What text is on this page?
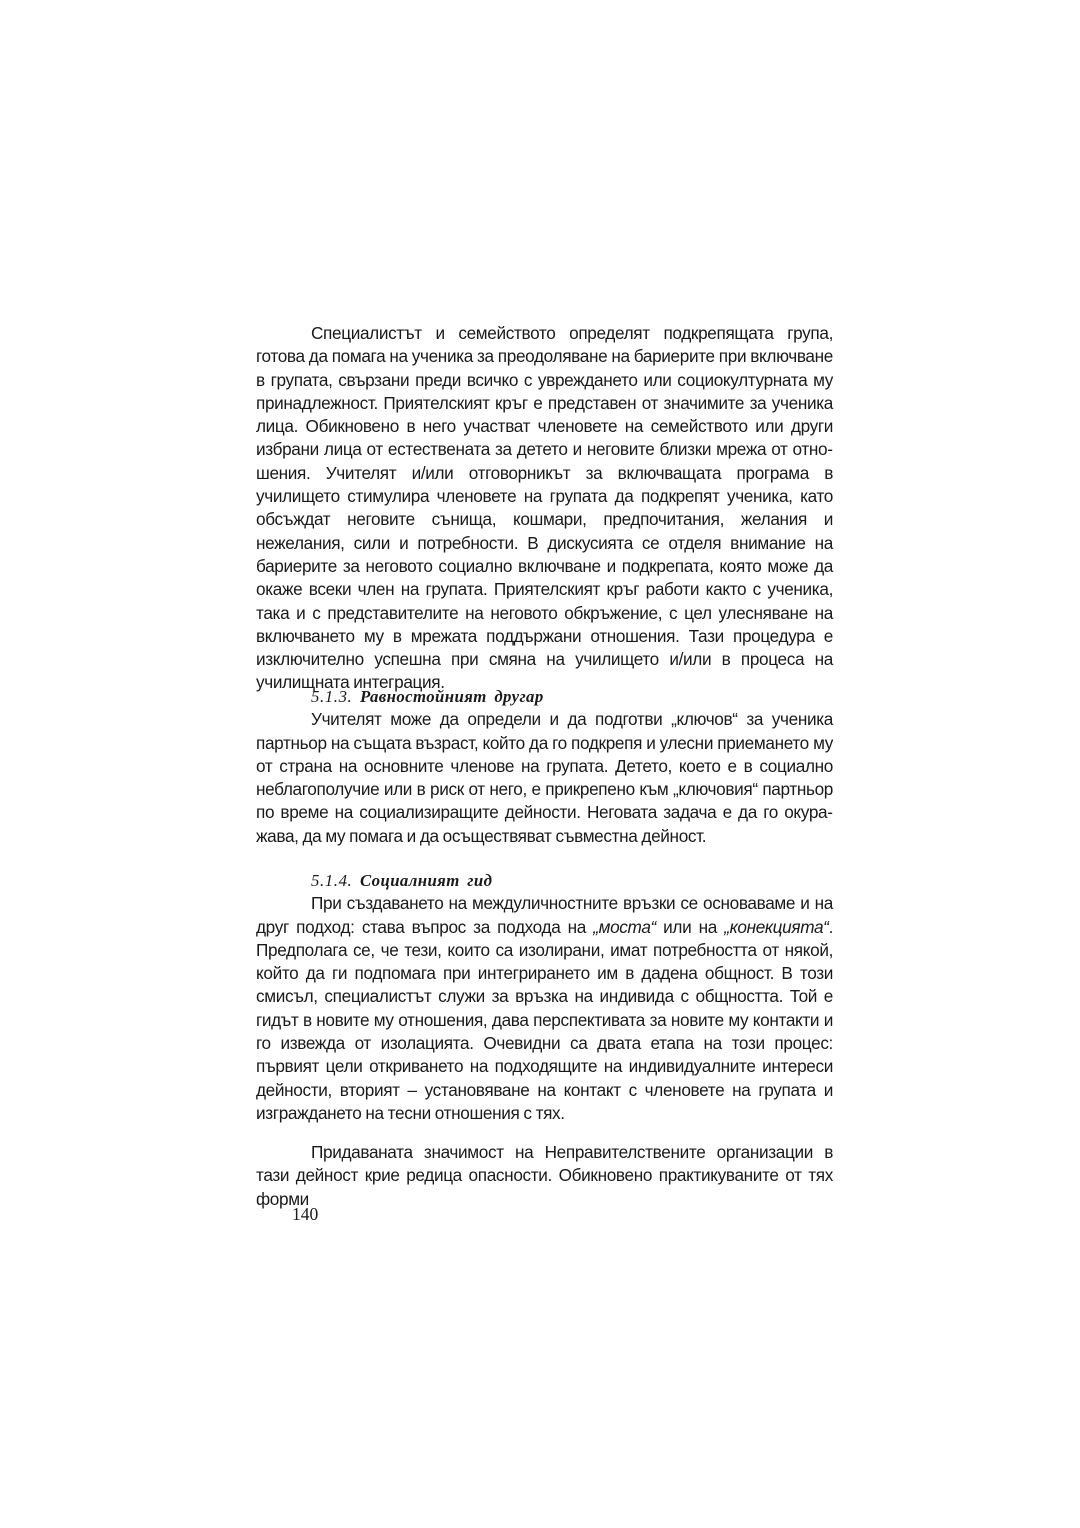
Специалистът и семейството определят подкрепящата група, готова да помага на ученика за преодоляване на бариерите при включване в групата, свързани преди всичко с увреждането или социокултурната му принадлежност. Приятелският кръг е представен от значимите за ученика лица. Обикновено в него участват членовете на семейството или други избрани лица от естествената за детето и неговите близки мрежа от отношения. Учителят и/или отговорникът за включващата програма в училището стимулира членовете на групата да подкрепят ученика, като обсъждат неговите сънища, кошмари, предпочитания, желания и нежелания, сили и потребности. В дискусията се отделя внимание на бариерите за неговото социално включване и подкрепата, която може да окаже всеки член на групата. Приятелският кръг работи както с ученика, така и с представителите на неговото обкръжение, с цел улесняване на включването му в мрежата поддържани отношения. Тази процедура е изключително успешна при смяна на училището и/или в процеса на училищната интеграция.

5.1.3. Равностойният другар

Учителят може да определи и да подготви „ключов“ за ученика партньор на същата възраст, който да го подкрепя и улесни приемането му от страна на основните членове на групата. Детето, което е в социално неблагополучие или в риск от него, е прикрепено към „ключовия“ партньор по време на социализиращите дейности. Неговата задача е да го окуражава, да му помага и да осъществяват съвместна дейност.

5.1.4. Социалният гид

При създаването на междуличностните връзки се основаваме и на друг подход: става въпрос за подхода на „моста“ или на „конекцията“. Предполага се, че тези, които са изолирани, имат потребността от някой, който да ги подпомага при интегрирането им в дадена общност. В този смисъл, специалистът служи за връзка на индивида с общността. Той е гидът в новите му отношения, дава перспективата за новите му контакти и го извежда от изолацията. Очевидни са двата етапа на този процес: първият цели откриването на подходящите на индивидуалните интереси дейности, вторият – установяване на контакт с членовете на групата и изграждането на тесни отношения с тях.

Придаваната значимост на Неправителствените организации в тази дейност крие редица опасности. Обикновено практикуваните от тях форми

140
